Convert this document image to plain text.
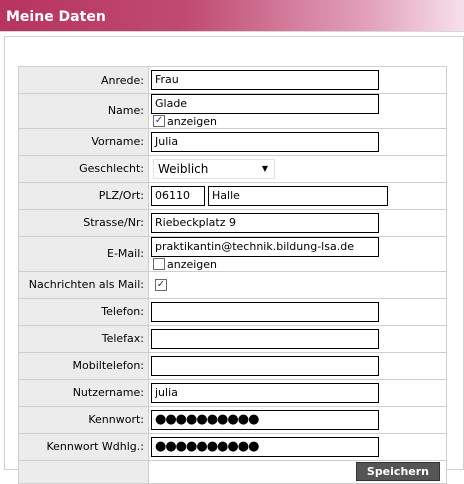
Meine Daten
Anrede:	Frau
Name:	Glade✓ anzeigen
Vorname:	Julia
Geschlecht:	Weiblich ▼

PLZ/Ort:	06110 Halle
Strasse/Nr:	Riebeckplatz 9
E-Mail:	praktikantin@technik.bildung-lsa.deanzeigen
Nachrichten als Mail:	✓
Telefon:	
Telefax:	
Mobiltelefon:	
Nutzername:	julia
Kennwort:	●●●●●●●●●●
Kennwort Wdhlg.:	●●●●●●●●●●

	Speichern
